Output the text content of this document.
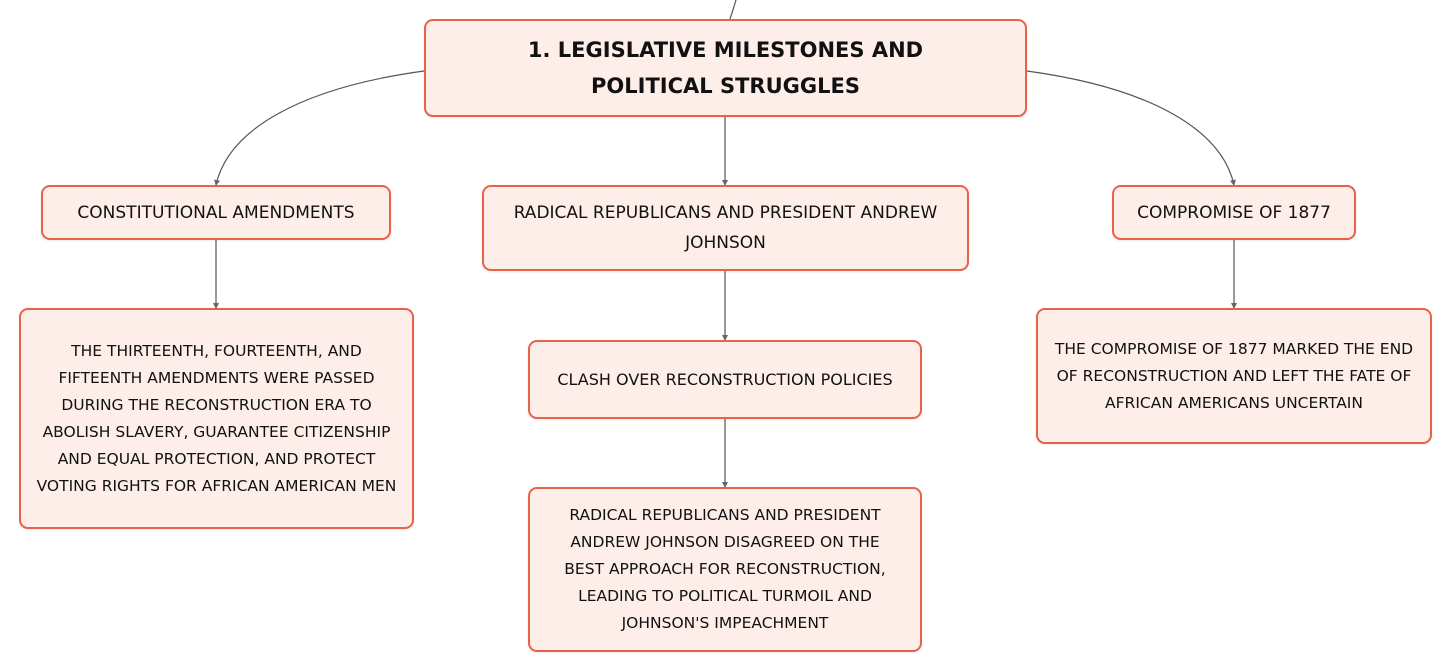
1. LEGISLATIVE MILESTONES AND POLITICAL STRUGGLES
CONSTITUTIONAL AMENDMENTS	RADICAL REPUBLICANS AND PRESIDENT ANDREW JOHNSON
COMPROMISE OF 1877
THE THIRTEENTH, FOURTEENTH, AND FIFTEENTH AMENDMENTS WERE PASSED DURING THE RECONSTRUCTION ERA TO ABOLISH SLAVERY, GUARANTEE CITIZENSHIP AND EQUAL PROTECTION, AND PROTECT VOTING RIGHTS FOR AFRICAN AMERICAN MEN
CLASH OVER RECONSTRUCTION POLICIES
RADICAL REPUBLICANS AND PRESIDENT ANDREW JOHNSON DISAGREED ON THE BEST APPROACH FOR RECONSTRUCTION, LEADING TO POLITICAL TURMOIL AND JOHNSON'S IMPEACHMENT
THE COMPROMISE OF 1877 MARKED THE END OF RECONSTRUCTION AND LEFT THE FATE OF AFRICAN AMERICANS UNCERTAIN
